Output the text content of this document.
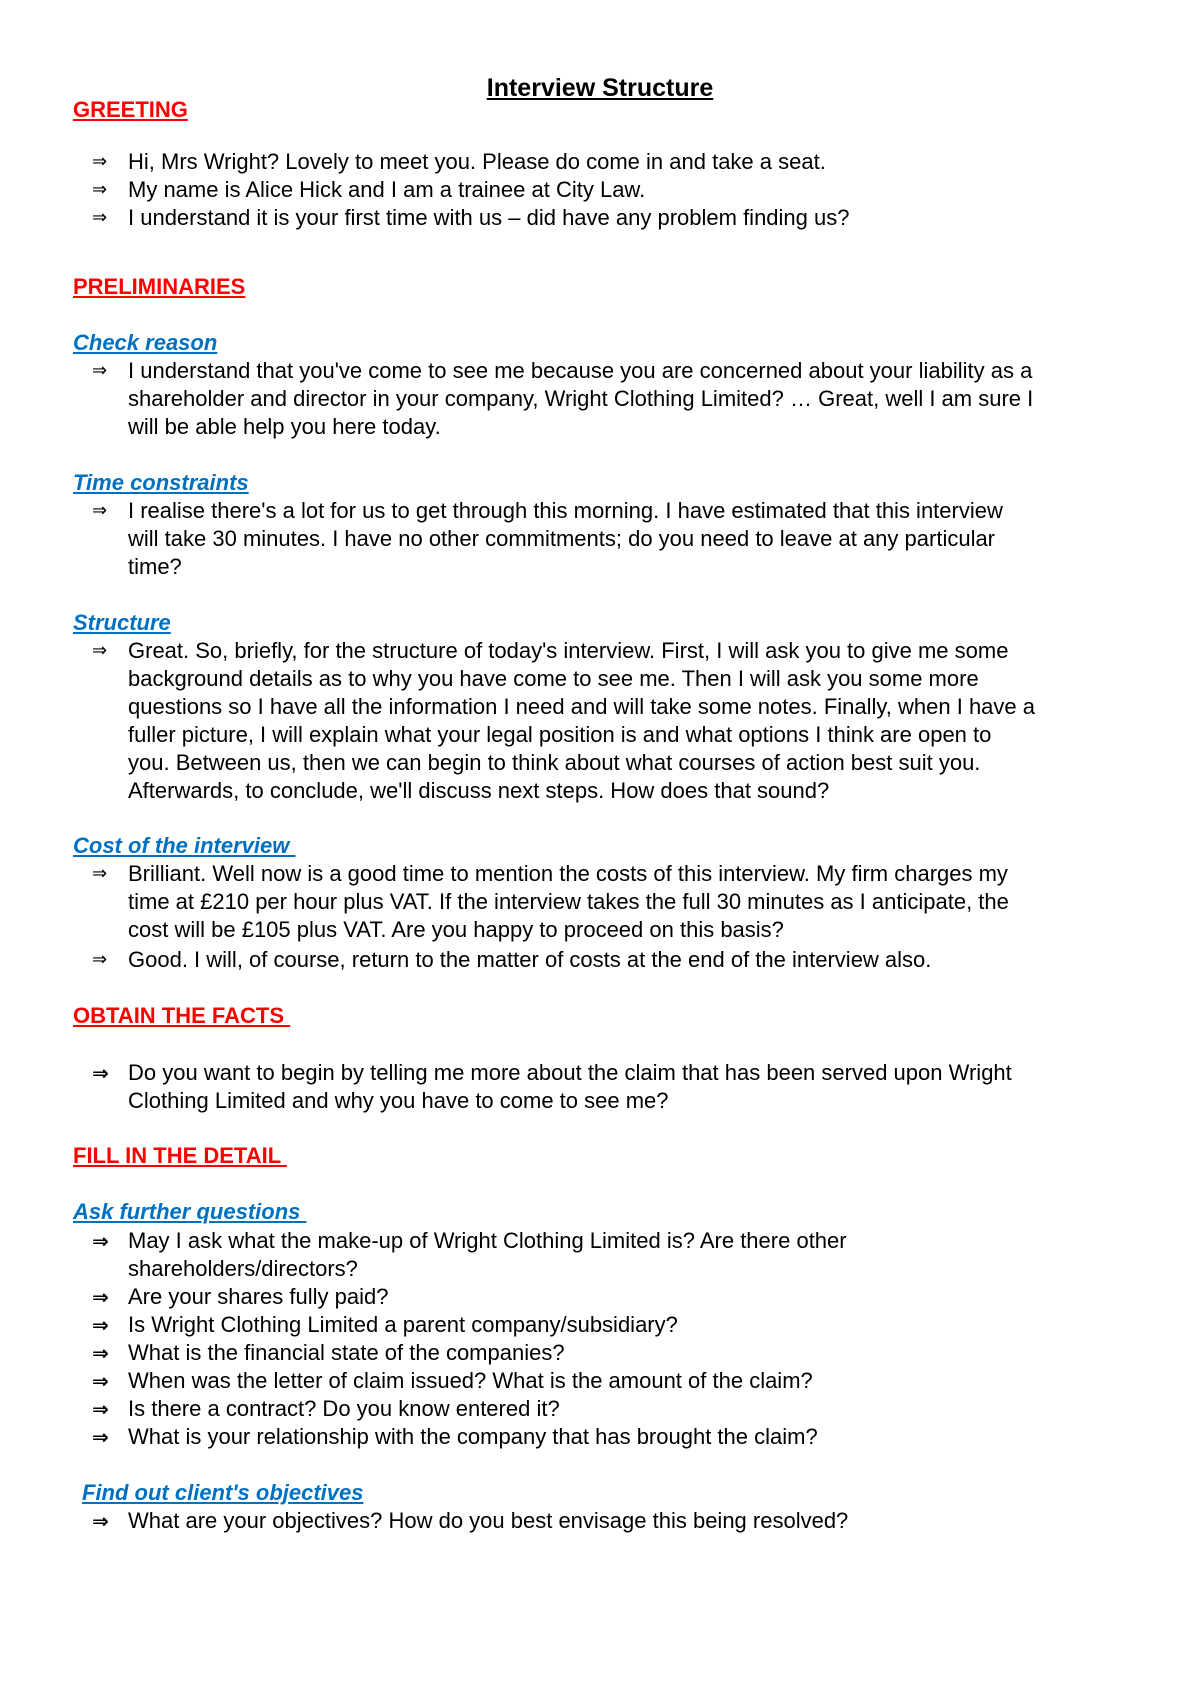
Interview Structure
GREETING
⇒ Hi, Mrs Wright? Lovely to meet you. Please do come in and take a seat.
⇒ My name is Alice Hick and I am a trainee at City Law.
⇒ I understand it is your first time with us – did have any problem finding us?
PRELIMINARIES
Check reason
⇒ I understand that you've come to see me because you are concerned about your liability as a
shareholder and director in your company, Wright Clothing Limited? … Great, well I am sure I
will be able help you here today.
Time constraints
⇒ I realise there's a lot for us to get through this morning. I have estimated that this interview
will take 30 minutes. I have no other commitments; do you need to leave at any particular
time?
Structure
⇒ Great. So, briefly, for the structure of today's interview. First, I will ask you to give me some
background details as to why you have come to see me. Then I will ask you some more
questions so I have all the information I need and will take some notes. Finally, when I have a
fuller picture, I will explain what your legal position is and what options I think are open to
you. Between us, then we can begin to think about what courses of action best suit you.
Afterwards, to conclude, we'll discuss next steps. How does that sound?
Cost of the interview
⇒ Brilliant. Well now is a good time to mention the costs of this interview. My firm charges my
time at £210 per hour plus VAT. If the interview takes the full 30 minutes as I anticipate, the
cost will be £105 plus VAT. Are you happy to proceed on this basis?
⇒ Good. I will, of course, return to the matter of costs at the end of the interview also.
OBTAIN THE FACTS
⇒ Do you want to begin by telling me more about the claim that has been served upon Wright
Clothing Limited and why you have to come to see me?
FILL IN THE DETAIL
Ask further questions
⇒ May I ask what the make-up of Wright Clothing Limited is? Are there other
shareholders/directors?
⇒ Are your shares fully paid?
⇒ Is Wright Clothing Limited a parent company/subsidiary?
⇒ What is the financial state of the companies?
⇒ When was the letter of claim issued? What is the amount of the claim?
⇒ Is there a contract? Do you know entered it?
⇒ What is your relationship with the company that has brought the claim?
Find out client's objectives
⇒ What are your objectives? How do you best envisage this being resolved?
